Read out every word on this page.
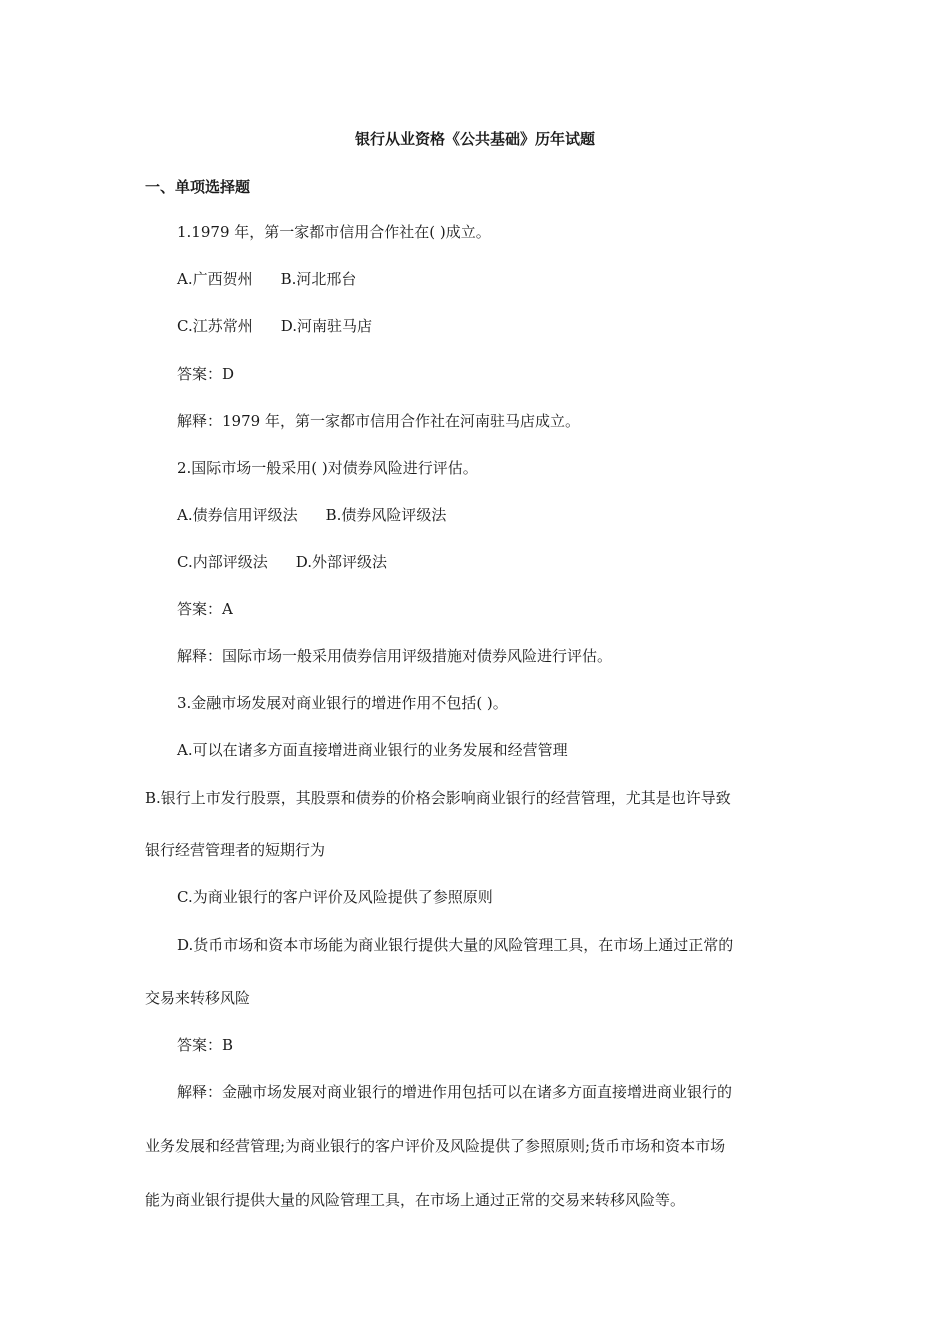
银行从业资格《公共基础》历年试题
一、单项选择题
1.1979 年，第一家都市信用合作社在( )成立。
A.广西贺州 B.河北邢台
C.江苏常州 D.河南驻马店
答案：D
解释：1979 年，第一家都市信用合作社在河南驻马店成立。
2.国际市场一般采用( )对债券风险进行评估。
A.债券信用评级法 B.债券风险评级法
C.内部评级法 D.外部评级法
答案：A
解释：国际市场一般采用债券信用评级措施对债券风险进行评估。
3.金融市场发展对商业银行的增进作用不包括( )。
A.可以在诸多方面直接增进商业银行的业务发展和经营管理
B.银行上市发行股票，其股票和债券的价格会影响商业银行的经营管理，尤其是也许导致
银行经营管理者的短期行为
C.为商业银行的客户评价及风险提供了参照原则
D.货币市场和资本市场能为商业银行提供大量的风险管理工具，在市场上通过正常的
交易来转移风险
答案：B
解释：金融市场发展对商业银行的增进作用包括可以在诸多方面直接增进商业银行的
业务发展和经营管理;为商业银行的客户评价及风险提供了参照原则;货币市场和资本市场
能为商业银行提供大量的风险管理工具，在市场上通过正常的交易来转移风险等。
